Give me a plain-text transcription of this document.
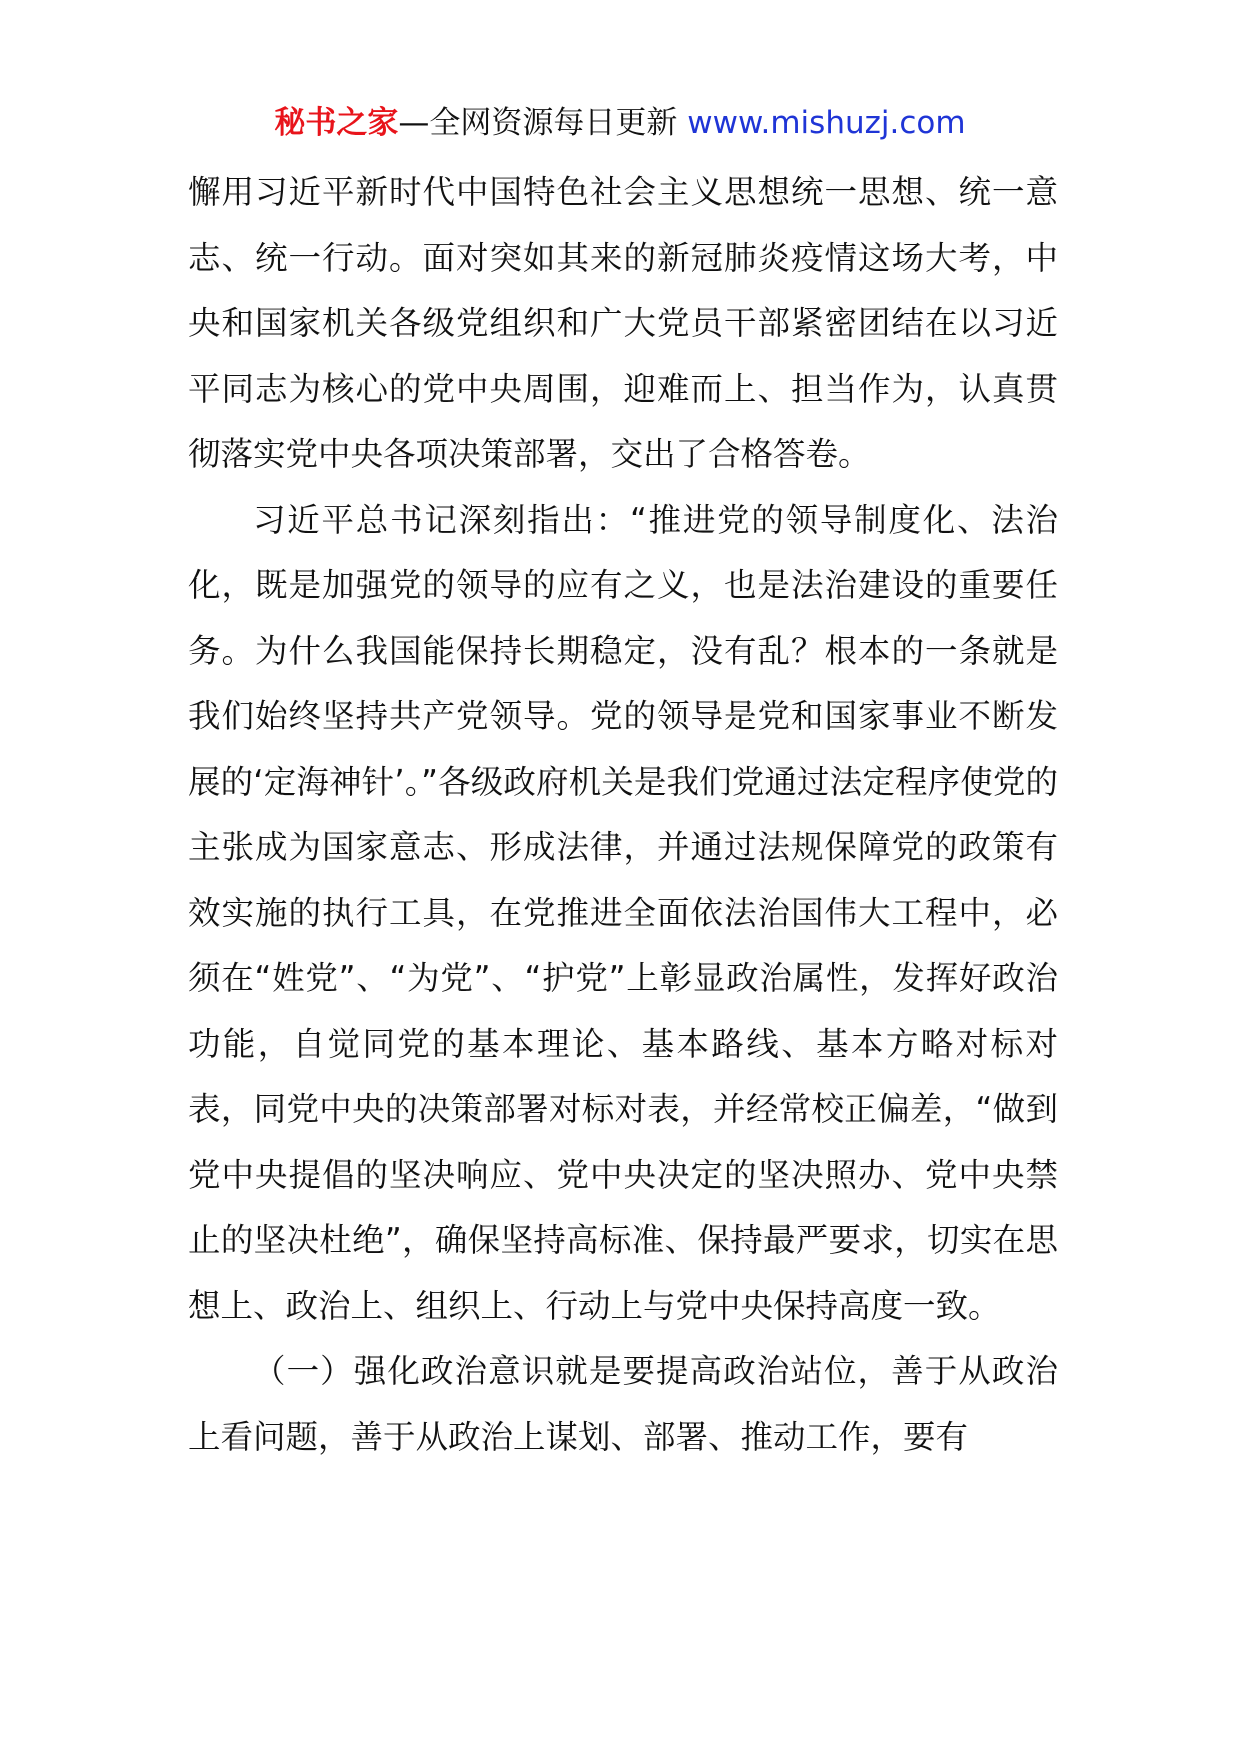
秘书之家—全网资源每日更新 www.mishuzj.com

懈用习近平新时代中国特色社会主义思想统一思想、统一意志、统一行动。面对突如其来的新冠肺炎疫情这场大考，中央和国家机关各级党组织和广大党员干部紧密团结在以习近平同志为核心的党中央周围，迎难而上、担当作为，认真贯彻落实党中央各项决策部署，交出了合格答卷。

习近平总书记深刻指出：“推进党的领导制度化、法治化，既是加强党的领导的应有之义，也是法治建设的重要任务。为什么我国能保持长期稳定，没有乱？根本的一条就是我们始终坚持共产党领导。党的领导是党和国家事业不断发展的‘定海神针’。”各级政府机关是我们党通过法定程序使党的主张成为国家意志、形成法律，并通过法规保障党的政策有效实施的执行工具，在党推进全面依法治国伟大工程中，必须在“姓党”、“为党”、“护党”上彰显政治属性，发挥好政治功能，自觉同党的基本理论、基本路线、基本方略对标对表，同党中央的决策部署对标对表，并经常校正偏差，“做到党中央提倡的坚决响应、党中央决定的坚决照办、党中央禁止的坚决杜绝”，确保坚持高标准、保持最严要求，切实在思想上、政治上、组织上、行动上与党中央保持高度一致。

（一）强化政治意识就是要提高政治站位，善于从政治上看问题，善于从政治上谋划、部署、推动工作，要有
